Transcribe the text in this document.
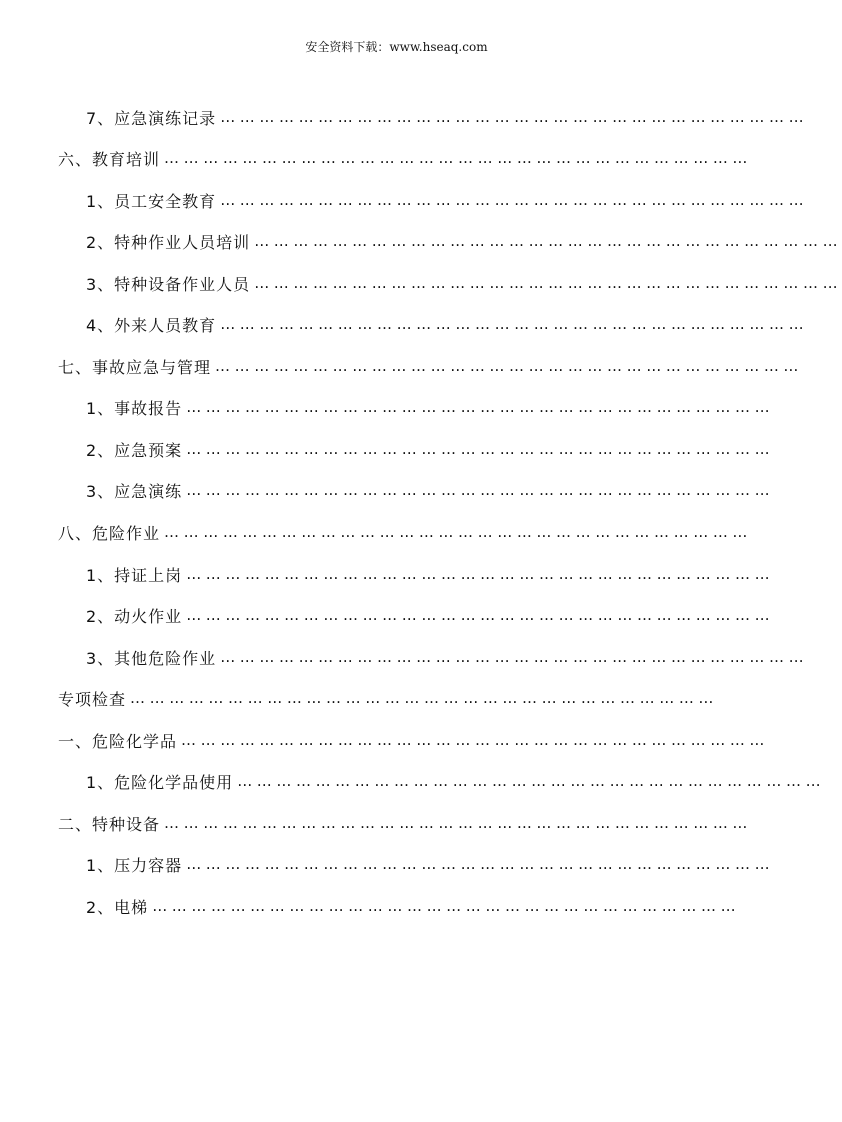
安全资料下载：www.hseaq.com
7、应急演练记录 ………………………………………………………………………………
六、教育培训 ………………………………………………………………………………
1、员工安全教育 ………………………………………………………………………………
2、特种作业人员培训 ………………………………………………………………………………
3、特种设备作业人员 ………………………………………………………………………………
4、外来人员教育 ………………………………………………………………………………
七、事故应急与管理 ………………………………………………………………………………
1、事故报告 ………………………………………………………………………………
2、应急预案 ………………………………………………………………………………
3、应急演练 ………………………………………………………………………………
八、危险作业 ………………………………………………………………………………
1、持证上岗 ………………………………………………………………………………
2、动火作业 ………………………………………………………………………………
3、其他危险作业 ………………………………………………………………………………
专项检查 ………………………………………………………………………………
一、危险化学品 ………………………………………………………………………………
1、危险化学品使用 ………………………………………………………………………………
二、特种设备 ………………………………………………………………………………
1、压力容器 ………………………………………………………………………………
2、电梯 ………………………………………………………………………………
